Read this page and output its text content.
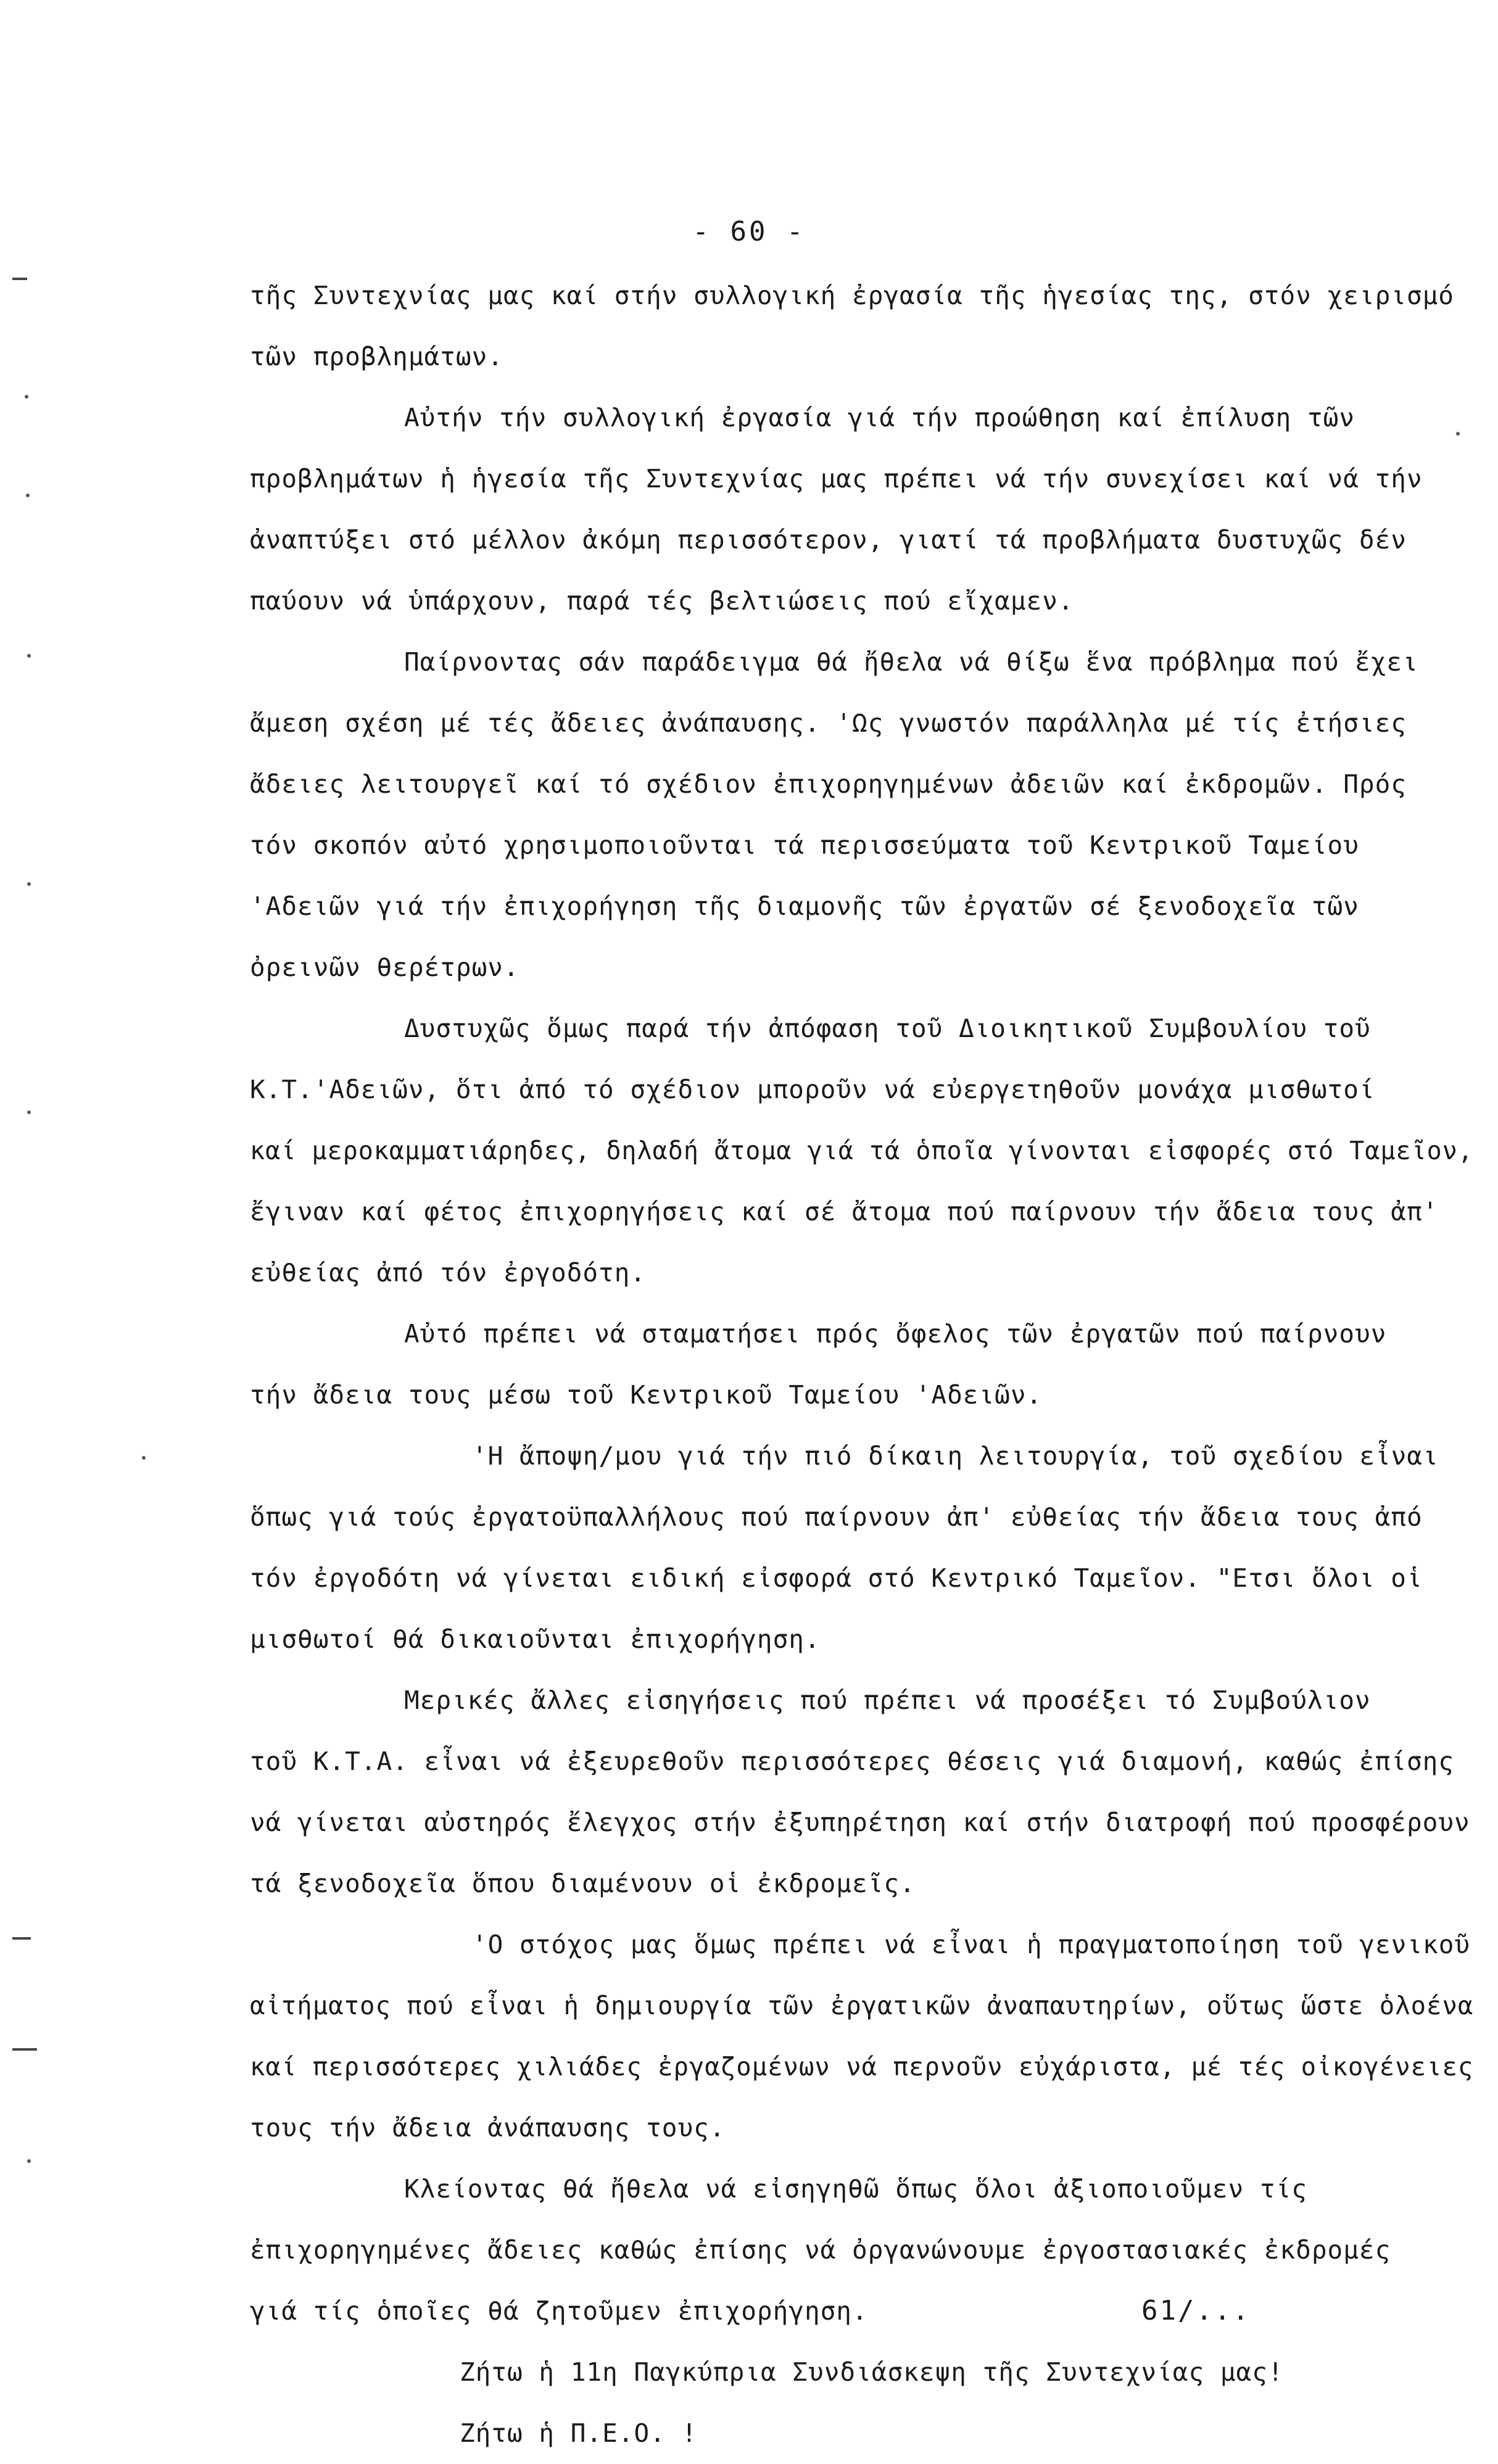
- 60 -
τῆς Συντεχνίας μας καί στήν συλλογική ἐργασία τῆς ἡγεσίας της, στόν χειρισμό
τῶν προβλημάτων.
Αὐτήν τήν συλλογική ἐργασία γιά τήν προώθηση καί ἐπίλυση τῶν
προβλημάτων ἡ ἡγεσία τῆς Συντεχνίας μας πρέπει νά τήν συνεχίσει καί νά τήν
ἀναπτύξει στό μέλλον ἀκόμη περισσότερον, γιατί τά προβλήματα δυστυχῶς δέν
παύουν νά ὑπάρχουν, παρά τές βελτιώσεις πού εἴχαμεν.
Παίρνοντας σάν παράδειγμα θά ἤθελα νά θίξω ἕνα πρόβλημα πού ἔχει
ἄμεση σχέση μέ τές ἄδειες ἀνάπαυσης. 'Ως γνωστόν παράλληλα μέ τίς ἐτήσιες
ἄδειες λειτουργεῖ καί τό σχέδιον ἐπιχορηγημένων ἀδειῶν καί ἐκδρομῶν. Πρός
τόν σκοπόν αὐτό χρησιμοποιοῦνται τά περισσεύματα τοῦ Κεντρικοῦ Ταμείου
'Αδειῶν γιά τήν ἐπιχορήγηση τῆς διαμονῆς τῶν ἐργατῶν σέ ξενοδοχεῖα τῶν
ὀρεινῶν θερέτρων.
Δυστυχῶς ὅμως παρά τήν ἀπόφαση τοῦ Διοικητικοῦ Συμβουλίου τοῦ
Κ.Τ.'Αδειῶν, ὅτι ἀπό τό σχέδιον μποροῦν νά εὐεργετηθοῦν μονάχα μισθωτοί
καί μεροκαμματιάρηδες, δηλαδή ἄτομα γιά τά ὁποῖα γίνονται εἰσφορές στό Ταμεῖον,
ἔγιναν καί φέτος ἐπιχορηγήσεις καί σέ ἄτομα πού παίρνουν τήν ἄδεια τους ἀπ'
εὐθείας ἀπό τόν ἐργοδότη.
Αὐτό πρέπει νά σταματήσει πρός ὄφελος τῶν ἐργατῶν πού παίρνουν
τήν ἄδεια τους μέσω τοῦ Κεντρικοῦ Ταμείου 'Αδειῶν.
'Η ἄποψη/μου γιά τήν πιό δίκαιη λειτουργία, τοῦ σχεδίου εἶναι
ὅπως γιά τούς ἐργατοϋπαλλήλους πού παίρνουν ἀπ' εὐθείας τήν ἄδεια τους ἀπό
τόν ἐργοδότη νά γίνεται ειδική εἰσφορά στό Κεντρικό Ταμεῖον. "Ετσι ὅλοι οἱ
μισθωτοί θά δικαιοῦνται ἐπιχορήγηση.
Μερικές ἄλλες εἰσηγήσεις πού πρέπει νά προσέξει τό Συμβούλιον
τοῦ Κ.Τ.Α. εἶναι νά ἐξευρεθοῦν περισσότερες θέσεις γιά διαμονή, καθώς ἐπίσης
νά γίνεται αὐστηρός ἔλεγχος στήν ἐξυπηρέτηση καί στήν διατροφή πού προσφέρουν
τά ξενοδοχεῖα ὅπου διαμένουν οἱ ἐκδρομεῖς.
'Ο στόχος μας ὅμως πρέπει νά εἶναι ἡ πραγματοποίηση τοῦ γενικοῦ
αἰτήματος πού εἶναι ἡ δημιουργία τῶν ἐργατικῶν ἀναπαυτηρίων, οὕτως ὥστε ὁλοένα
καί περισσότερες χιλιάδες ἐργαζομένων νά περνοῦν εὐχάριστα, μέ τές οἰκογένειες
τους τήν ἄδεια ἀνάπαυσης τους.
Κλείοντας θά ἤθελα νά εἰσηγηθῶ ὅπως ὅλοι ἀξιοποιοῦμεν τίς
ἐπιχορηγημένες ἄδειες καθώς ἐπίσης νά ὀργανώνουμε ἐργοστασιακές ἐκδρομές
γιά τίς ὁποῖες θά ζητοῦμεν ἐπιχορήγηση.
Ζήτω ἡ 11η Παγκύπρια Συνδιάσκεψη τῆς Συντεχνίας μας!
Ζήτω ἡ Π.Ε.Ο. !
61/...
